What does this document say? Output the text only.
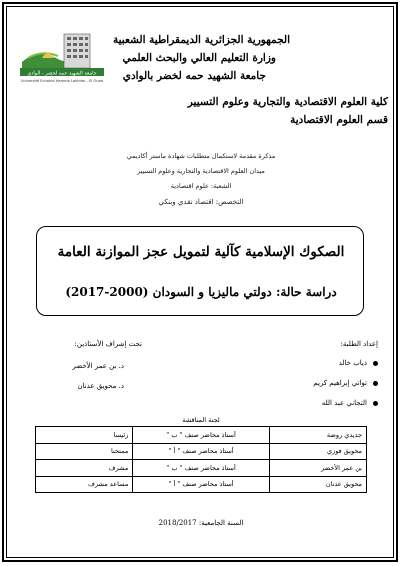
جامعة الشهيد حمه لخضر - الوادي
Université Echahid Hamma Lakhdar - El Oued
الجمهورية الجزائرية الديمقراطية الشعبية
وزارة التعليم العالي والبحث العلمي
جامعة الشهيد حمه لخضر بالوادي
كلية العلوم الاقتصادية والتجارية وعلوم التسيير
قسم العلوم الاقتصادية
مذكرة مقدمة لاستكمال متطلبات شهادة ماستر أكاديمي
ميدان العلوم الاقتصادية والتجارية وعلوم التسيير
الشعبة: علوم اقتصادية
التخصص: اقتصاد نقدي وبنكي
الصكوك الإسلامية كآلية لتمويل عجز الموازنة العامة
دراسة حالة: دولتي ماليزيا و السودان (2000-2017)
إعداد الطلبة:
ذياب خالد
تواتي إبراهيم كريم
التجاني عبد الله
تحت إشراف الأستاذين:
د. بن عمر الأخضر
د. محويق عدنان
لجنة المناقشة
جديدي روضة	أستاذ محاضر صنف " ب "	رئيسا
محويق فوزي	أستاذ محاضر صنف " أ "	ممتحنا
بن عمر الأخضر	أستاذ محاضر صنف " ب "	مشرف
محويق عدنان	أستاذ محاضر صنف " أ "	مساعد مشرف
السنة الجامعية: 2018/2017
